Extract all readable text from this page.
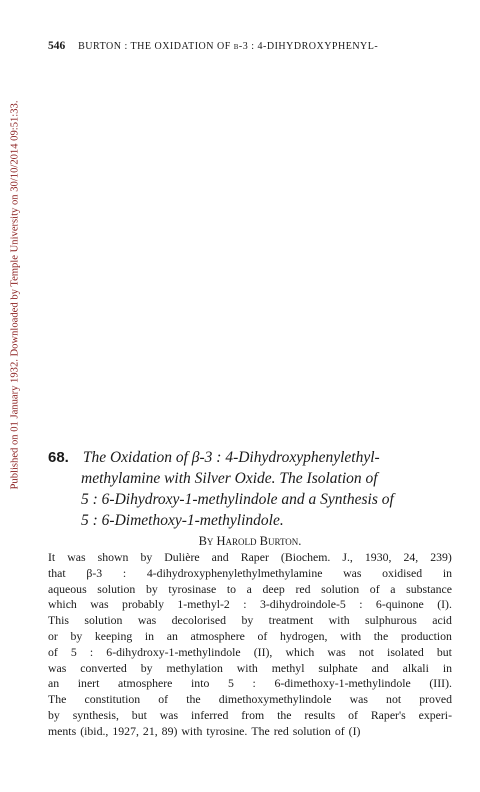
Published on 01 January 1932. Downloaded by Temple University on 30/10/2014 09:51:33.
546 BURTON : THE OXIDATION OF β-3 : 4-DIHYDROXYPHENYL-
68. The Oxidation of β-3 : 4-Dihydroxyphenylethyl-
methylamine with Silver Oxide. The Isolation of
5 : 6-Dihydroxy-1-methylindole and a Synthesis of
5 : 6-Dimethoxy-1-methylindole.
By Harold Burton.
It was shown by Dulière and Raper (Biochem. J., 1930, 24, 239)
that β-3 : 4-dihydroxyphenylethylmethylamine was oxidised in
aqueous solution by tyrosinase to a deep red solution of a substance
which was probably 1-methyl-2 : 3-dihydroindole-5 : 6-quinone (I).
This solution was decolorised by treatment with sulphurous acid
or by keeping in an atmosphere of hydrogen, with the production
of 5 : 6-dihydroxy-1-methylindole (II), which was not isolated but
was converted by methylation with methyl sulphate and alkali in
an inert atmosphere into 5 : 6-dimethoxy-1-methylindole (III).
The constitution of the dimethoxymethylindole was not proved
by synthesis, but was inferred from the results of Raper's experi-
ments (ibid., 1927, 21, 89) with tyrosine. The red solution of (I)
